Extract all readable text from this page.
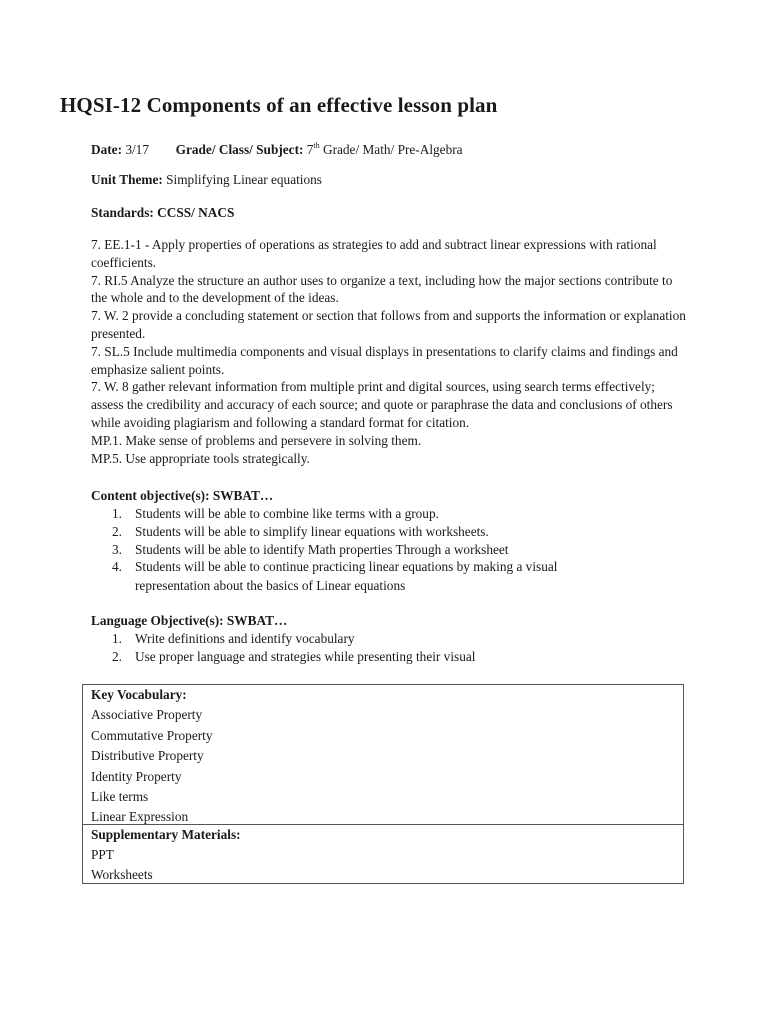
HQSI-12 Components of an effective lesson plan
Date: 3/17 Grade/ Class/ Subject: 7th Grade/ Math/ Pre-Algebra
Unit Theme: Simplifying Linear equations
Standards: CCSS/ NACS

7. EE.1-1 - Apply properties of operations as strategies to add and subtract linear expressions with rational coefficients.

7. RI.5 Analyze the structure an author uses to organize a text, including how the major sections contribute to the whole and to the development of the ideas.

7. W. 2 provide a concluding statement or section that follows from and supports the information or explanation presented.

7. SL.5 Include multimedia components and visual displays in presentations to clarify claims and findings and emphasize salient points.

7. W. 8 gather relevant information from multiple print and digital sources, using search terms effectively; assess the credibility and accuracy of each source; and quote or paraphrase the data and conclusions of others while avoiding plagiarism and following a standard format for citation.

MP.1. Make sense of problems and persevere in solving them.

MP.5. Use appropriate tools strategically.

Content objective(s): SWBAT…
1. Students will be able to combine like terms with a group.
2. Students will be able to simplify linear equations with worksheets.
3. Students will be able to identify Math properties Through a worksheet
4. Students will be able to continue practicing linear equations by making a visual
representation about the basics of Linear equations
Language Objective(s): SWBAT…
1. Write definitions and identify vocabulary
2. Use proper language and strategies while presenting their visual
Key Vocabulary:
Associative Property
Commutative Property
Distributive Property
Identity Property
Like terms
Linear Expression
Supplementary Materials:
PPT
Worksheets
